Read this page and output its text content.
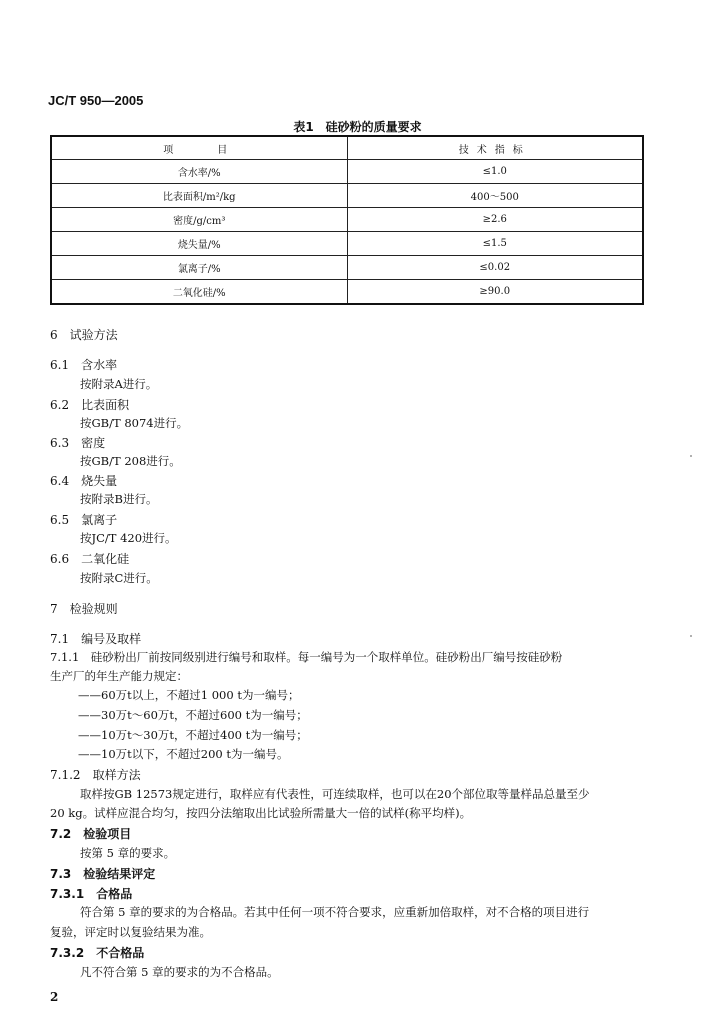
JC/T 950—2005
表1　硅砂粉的质量要求
项　　目	技术指标
含水率/%	≤1.0
比表面积/m²/kg	400～500
密度/g/cm³	≥2.6
烧失量/%	≤1.5
氯离子/%	≤0.02
二氧化硅/%	≥90.0
6　试验方法
6.1　 含水率
按附录A进行。
6.2　 比表面积
按GB/T 8074进行。
6.3　 密度
按GB/T 208进行。
6.4　 烧失量
按附录B进行。
6.5　 氯离子
按JC/T 420进行。
6.6　 二氧化硅
按附录C进行。
7　检验规则
7.1　 编号及取样
7.1.1　 硅砂粉出厂前按同级别进行编号和取样。每一编号为一个取样单位。硅砂粉出厂编号按硅砂粉
生产厂的年生产能力规定：
——60万t以上，不超过1 000 t为一编号；
——30万t～60万t，不超过600 t为一编号；
——10万t～30万t，不超过400 t为一编号；
——10万t以下，不超过200 t为一编号。
7.1.2　 取样方法
取样按GB 12573规定进行，取样应有代表性，可连续取样，也可以在20个部位取等量样品总量至少
20 kg。试样应混合均匀，按四分法缩取出比试验所需量大一倍的试样(称平均样)。
7.2　 检验项目
按第 5 章的要求。
7.3　 检验结果评定
7.3.1　 合格品
符合第 5 章的要求的为合格品。若其中任何一项不符合要求，应重新加倍取样，对不合格的项目进行
复验，评定时以复验结果为准。
7.3.2　 不合格品
凡不符合第 5 章的要求的为不合格品。
2
